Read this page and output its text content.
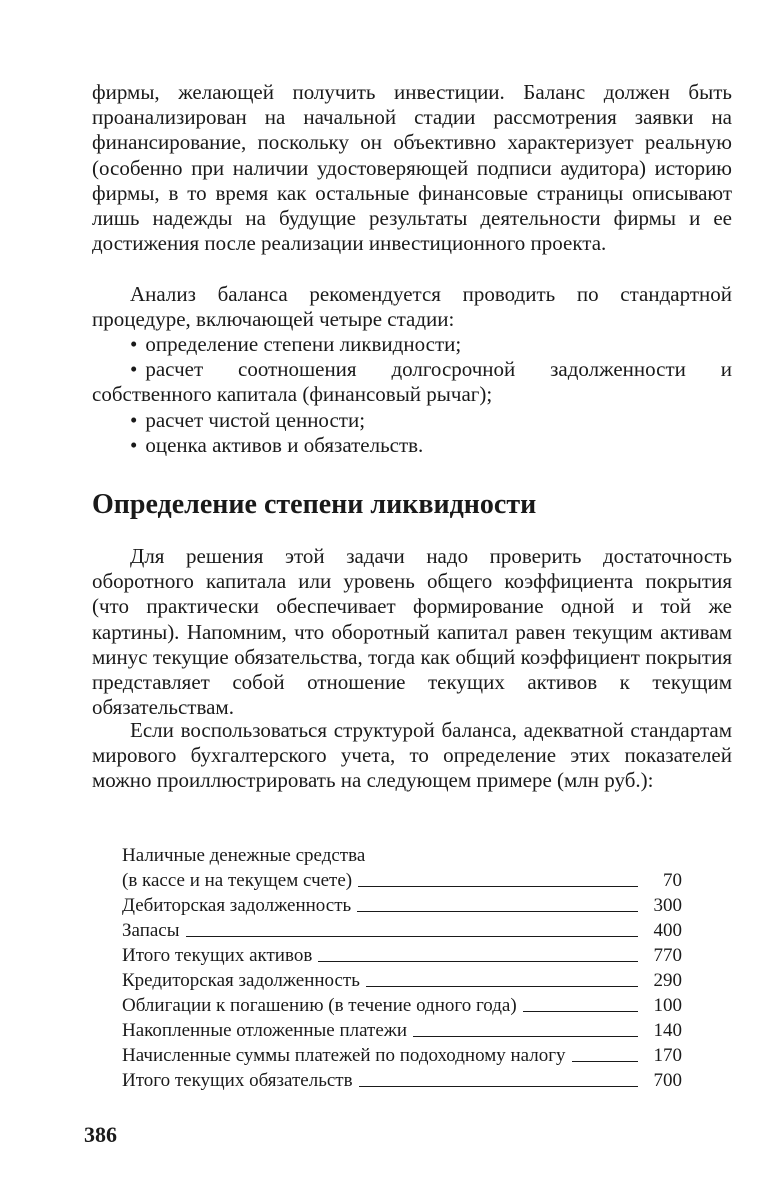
фирмы, желающей получить инвестиции. Баланс должен быть проанализирован на начальной стадии рассмотрения заявки на финансирование, поскольку он объективно характеризует реальную (особенно при наличии удостоверяющей подписи аудитора) историю фирмы, в то время как остальные финансовые страницы описывают лишь надежды на будущие результаты деятельности фирмы и ее достижения после реализации инвестиционного проекта.

Анализ баланса рекомендуется проводить по стандартной процедуре, включающей четыре стадии:

• определение степени ликвидности;
• расчет соотношения долгосрочной задолженности и собственного капитала (финансовый рычаг);
• расчет чистой ценности;
• оценка активов и обязательств.
Определение степени ликвидности

Для решения этой задачи надо проверить достаточность оборотного капитала или уровень общего коэффициента покрытия (что практически обеспечивает формирование одной и той же картины). Напомним, что оборотный капитал равен текущим активам минус текущие обязательства, тогда как общий коэффициент покрытия представляет собой отношение текущих активов к текущим обязательствам.

Если воспользоваться структурой баланса, адекватной стандартам мирового бухгалтерского учета, то определение этих показателей можно проиллюстрировать на следующем примере (млн руб.):

Наличные денежные средства
(в кассе и на текущем счете)	70
Дебиторская задолженность	300
Запасы	400
Итого текущих активов	770
Кредиторская задолженность	290
Облигации к погашению (в течение одного года)	100
Накопленные отложенные платежи	140
Начисленные суммы платежей по подоходному налогу	170
Итого текущих обязательств	700
386
